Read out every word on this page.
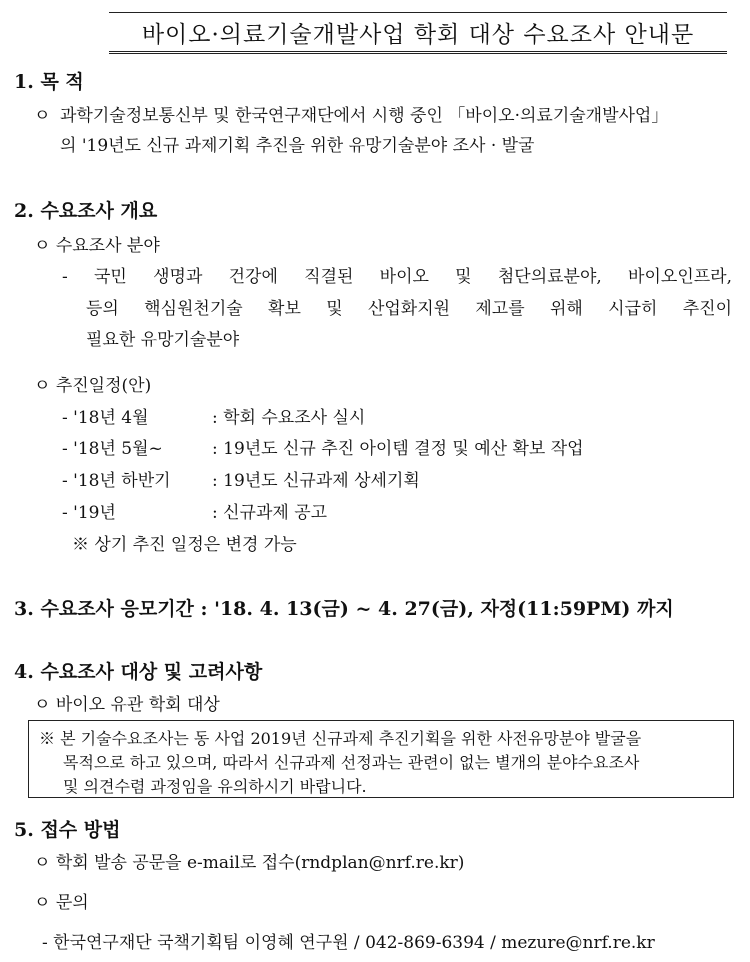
바이오·의료기술개발사업 학회 대상 수요조사 안내문
1. 목 적
ㅇ 과학기술정보통신부 및 한국연구재단에서 시행 중인 「바이오·의료기술개발사업」
의 '19년도 신규 과제기획 추진을 위한 유망기술분야 조사 · 발굴
2. 수요조사 개요
ㅇ 수요조사 분야
- 국민 생명과 건강에 직결된 바이오 및 첨단의료분야, 바이오인프라,
등의 핵심원천기술 확보 및 산업화지원 제고를 위해 시급히 추진이
필요한 유망기술분야
ㅇ 추진일정(안)
- '18년 4월	: 학회 수요조사 실시
- '18년 5월~	: 19년도 신규 추진 아이템 결정 및 예산 확보 작업
- '18년 하반기 : 19년도 신규과제 상세기획
- '19년	: 신규과제 공고
※ 상기 추진 일정은 변경 가능
3. 수요조사 응모기간 : '18. 4. 13(금) ~ 4. 27(금), 자정(11:59PM) 까지
4. 수요조사 대상 및 고려사항
ㅇ 바이오 유관 학회 대상
※ 본 기술수요조사는 동 사업 2019년 신규과제 추진기획을 위한 사전유망분야 발굴을
목적으로 하고 있으며, 따라서 신규과제 선정과는 관련이 없는 별개의 분야수요조사
및 의견수렴 과정임을 유의하시기 바랍니다.
5. 접수 방법
ㅇ 학회 발송 공문을 e-mail로 접수(rndplan@nrf.re.kr)
ㅇ 문의
- 한국연구재단 국책기획팀 이영혜 연구원 / 042-869-6394 / mezure@nrf.re.kr
